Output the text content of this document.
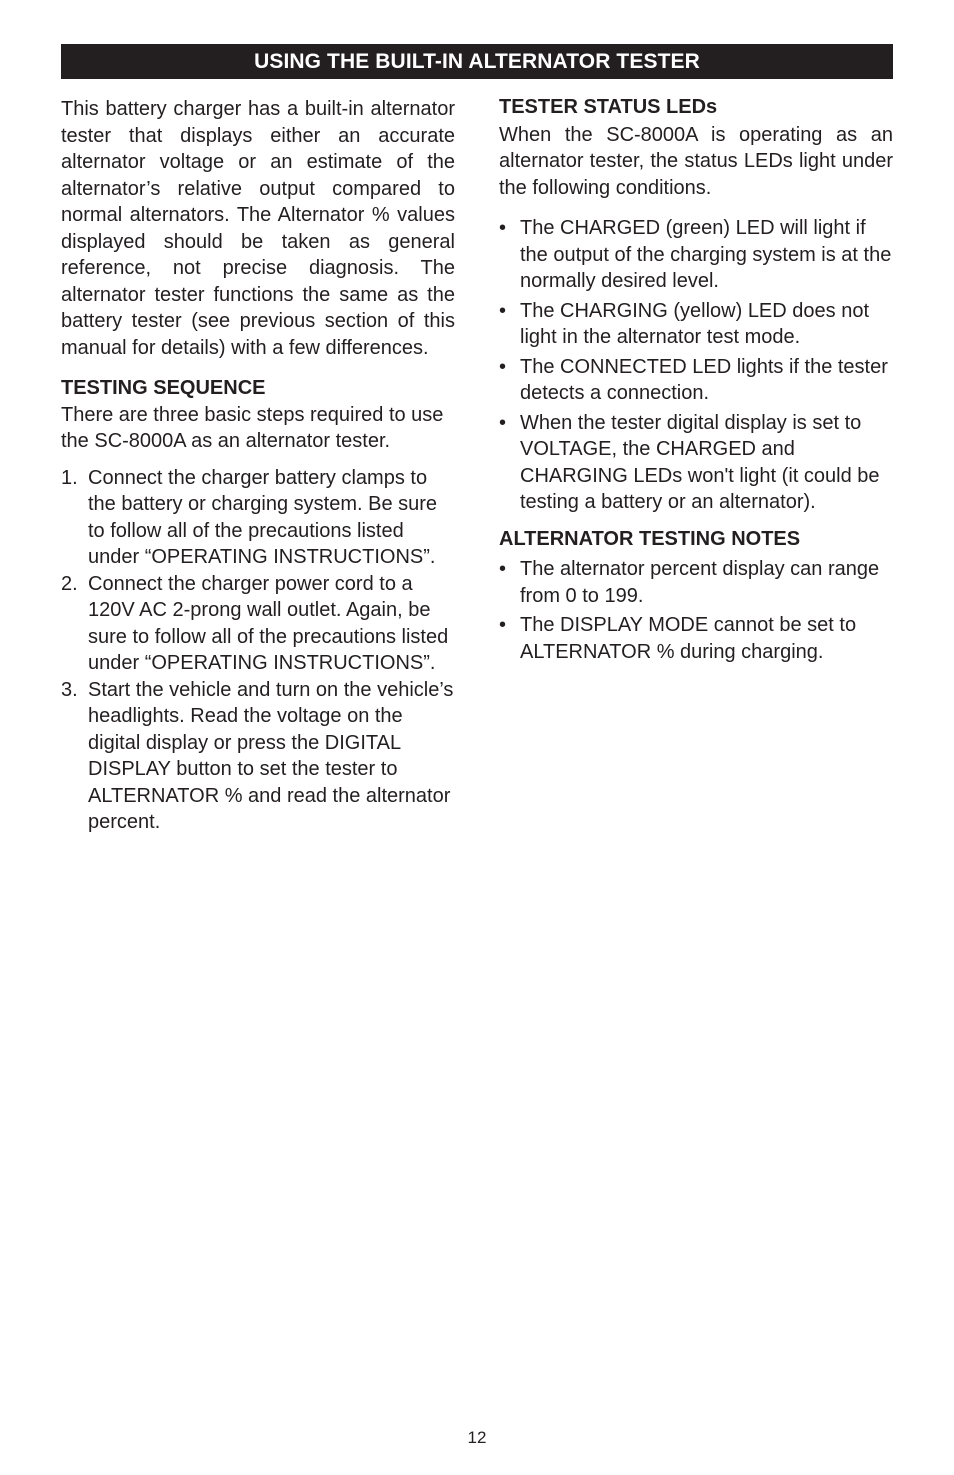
USING THE BUILT-IN ALTERNATOR TESTER

This battery charger has a built-in alternator tester that displays either an accurate alternator voltage or an estimate of the alternator’s relative output compared to normal alternators. The Alternator % values displayed should be taken as general reference, not precise diagnosis. The alternator tester functions the same as the battery tester (see previous section of this manual for details) with a few differences.

TESTING SEQUENCE

There are three basic steps required to use the SC-8000A as an alternator tester.

1. Connect the charger battery clamps to the battery or charging system. Be sure to follow all of the precautions listed under “OPERATING INSTRUCTIONS”.
2. Connect the charger power cord to a 120V AC 2-prong wall outlet. Again, be sure to follow all of the precautions listed under “OPERATING INSTRUCTIONS”.
3. Start the vehicle and turn on the vehicle’s headlights. Read the voltage on the digital display or press the DIGITAL DISPLAY button to set the tester to ALTERNATOR % and read the alternator percent.

TESTER STATUS LEDs

When the SC-8000A is operating as an alternator tester, the status LEDs light under the following conditions.

• The CHARGED (green) LED will light if the output of the charging system is at the normally desired level.
• The CHARGING (yellow) LED does not light in the alternator test mode.
• The CONNECTED LED lights if the tester detects a connection.
• When the tester digital display is set to VOLTAGE, the CHARGED and CHARGING LEDs won't light (it could be testing a battery or an alternator).

ALTERNATOR TESTING NOTES

• The alternator percent display can range from 0 to 199.
• The DISPLAY MODE cannot be set to ALTERNATOR % during charging.
12
